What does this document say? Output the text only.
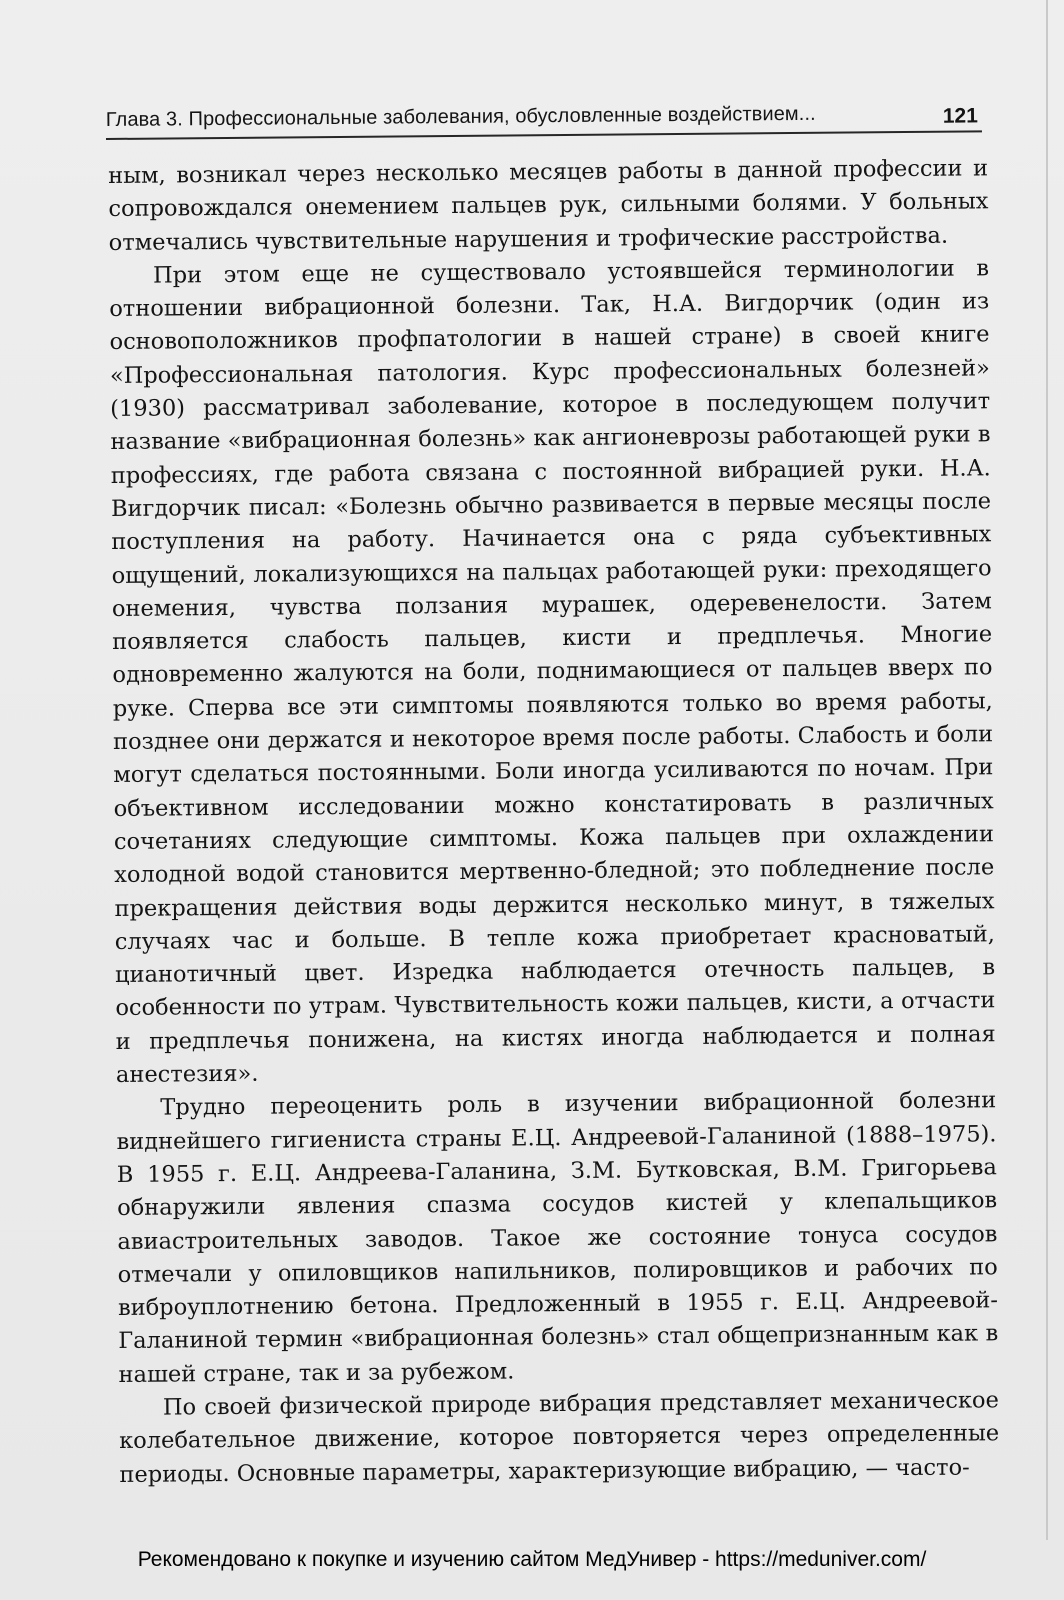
Глава 3. Профессиональные заболевания, обусловленные воздействием...	121

ным, возникал через несколько месяцев работы в данной профессии и сопровождался онемением пальцев рук, сильными болями. У больных отмечались чувствительные нарушения и трофические расстройства.

При этом еще не существовало устоявшейся терминологии в отношении вибрационной болезни. Так, Н.А. Вигдорчик (один из основоположников профпатологии в нашей стране) в своей книге «Профессиональная патология. Курс профессиональных болезней» (1930) рассматривал заболевание, которое в последующем получит название «вибрационная болезнь» как ангионеврозы работающей руки в профессиях, где работа связана с постоянной вибрацией руки. Н.А. Вигдорчик писал: «Болезнь обычно развивается в первые месяцы после поступления на работу. Начинается она с ряда субъективных ощущений, локализующихся на пальцах работающей руки: преходящего онемения, чувства ползания мурашек, одеревенелости. Затем появляется слабость пальцев, кисти и предплечья. Многие одновременно жалуются на боли, поднимающиеся от пальцев вверх по руке. Сперва все эти симптомы появляются только во время работы, позднее они держатся и некоторое время после работы. Слабость и боли могут сделаться постоянными. Боли иногда усиливаются по ночам. При объективном исследовании можно констатировать в различных сочетаниях следующие симптомы. Кожа пальцев при охлаждении холодной водой становится мертвенно-бледной; это побледнение после прекращения действия воды держится несколько минут, в тяжелых случаях час и больше. В тепле кожа приобретает красноватый, цианотичный цвет. Изредка наблюдается отечность пальцев, в особенности по утрам. Чувствительность кожи пальцев, кисти, а отчасти и предплечья понижена, на кистях иногда наблюдается и полная анестезия».

Трудно переоценить роль в изучении вибрационной болезни виднейшего гигиениста страны Е.Ц. Андреевой-Галаниной (1888–1975). В 1955 г. Е.Ц. Андреева-Галанина, З.М. Бутковская, В.М. Григорьева обнаружили явления спазма сосудов кистей у клепальщиков авиастроительных заводов. Такое же состояние тонуса сосудов отмечали у опиловщиков напильников, полировщиков и рабочих по виброуплотнению бетона. Предложенный в 1955 г. Е.Ц. Андреевой-Галаниной термин «вибрационная болезнь» стал общепризнанным как в нашей стране, так и за рубежом.

По своей физической природе вибрация представляет механическое колебательное движение, которое повторяется через определенные периоды. Основные параметры, характеризующие вибрацию, — часто-

Рекомендовано к покупке и изучению сайтом МедУнивер - https://meduniver.com/
